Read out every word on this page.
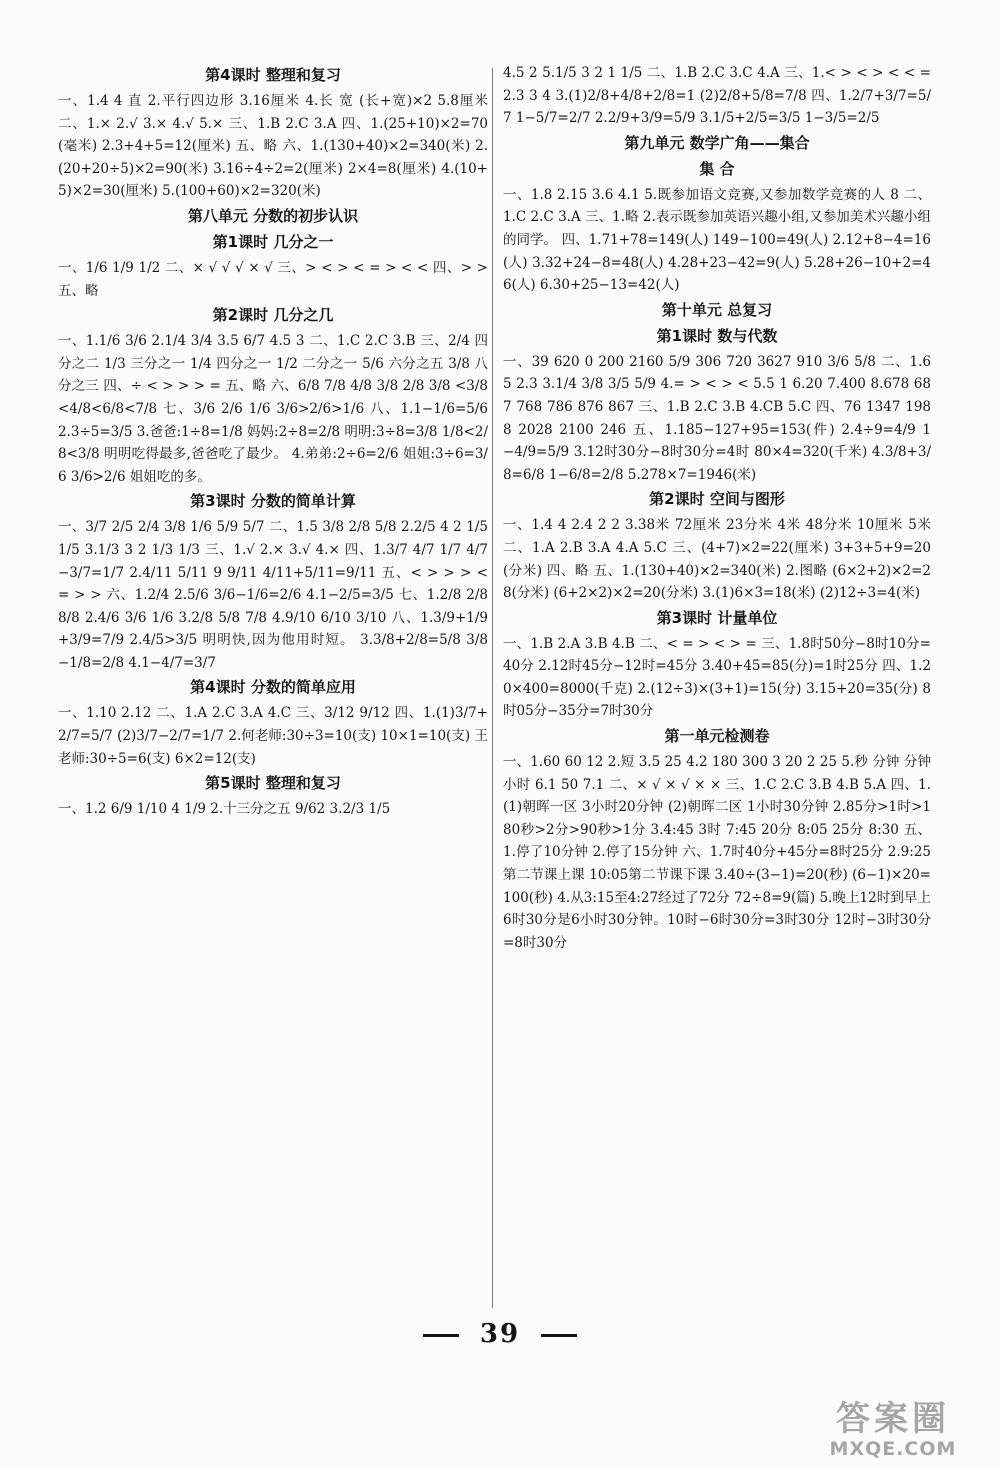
第4课时 整理和复习

一、1.4 4 直 2.平行四边形 3.16厘米 4.长 宽 (长+宽)×2 5.8厘米 二、1.× 2.√ 3.× 4.√ 5.× 三、1.B 2.C 3.A 四、1.(25+10)×2=70(毫米) 2.3+4+5=12(厘米) 五、略 六、1.(130+40)×2=340(米) 2.(20+20÷5)×2=90(米) 3.16÷4÷2=2(厘米) 2×4=8(厘米) 4.(10+5)×2=30(厘米) 5.(100+60)×2=320(米)

第八单元 分数的初步认识
第1课时 几分之一

一、1/6 1/9 1/2 二、× √ √ √ × √ 三、> < > < = > < < 四、> > 五、略

第2课时 几分之几

一、1.1/6 3/6 2.1/4 3/4 3.5 6/7 4.5 3 二、1.C 2.C 3.B 三、2/4 四分之二 1/3 三分之一 1/4 四分之一 1/2 二分之一 5/6 六分之五 3/8 八分之三 四、÷ < > > > = 五、略 六、6/8 7/8 4/8 3/8 2/8 3/8 <3/8<4/8<6/8<7/8 七、3/6 2/6 1/6 3/6>2/6>1/6 八、1.1−1/6=5/6 2.3÷5=3/5 3.爸爸:1÷8=1/8 妈妈:2÷8=2/8 明明:3÷8=3/8 1/8<2/8<3/8 明明吃得最多,爸爸吃了最少。 4.弟弟:2÷6=2/6 姐姐:3÷6=3/6 3/6>2/6 姐姐吃的多。

第3课时 分数的简单计算

一、3/7 2/5 2/4 3/8 1/6 5/9 5/7 二、1.5 3/8 2/8 5/8 2.2/5 4 2 1/5 1/5 3.1/3 3 2 1/3 1/3 三、1.√ 2.× 3.√ 4.× 四、1.3/7 4/7 1/7 4/7−3/7=1/7 2.4/11 5/11 9 9/11 4/11+5/11=9/11 五、< > > > < = > > 六、1.2/4 2.5/6 3/6−1/6=2/6 4.1−2/5=3/5 七、1.2/8 2/8 8/8 2.4/6 3/6 1/6 3.2/8 5/8 7/8 4.9/10 6/10 3/10 八、1.3/9+1/9+3/9=7/9 2.4/5>3/5 明明快,因为他用时短。 3.3/8+2/8=5/8 3/8−1/8=2/8 4.1−4/7=3/7

第4课时 分数的简单应用

一、1.10 2.12 二、1.A 2.C 3.A 4.C 三、3/12 9/12 四、1.(1)3/7+2/7=5/7 (2)3/7−2/7=1/7 2.何老师:30÷3=10(支) 10×1=10(支) 王老师:30÷5=6(支) 6×2=12(支)

第5课时 整理和复习

一、1.2 6/9 1/10 4 1/9 2.十三分之五 9/62 3.2/3 1/5

4.5 2 5.1/5 3 2 1 1/5 二、1.B 2.C 3.C 4.A 三、1.< > < > < < = 2.3 3 4 3.(1)2/8+4/8+2/8=1 (2)2/8+5/8=7/8 四、1.2/7+3/7=5/7 1−5/7=2/7 2.2/9+3/9=5/9 3.1/5+2/5=3/5 1−3/5=2/5

第九单元 数学广角——集合
集 合

一、1.8 2.15 3.6 4.1 5.既参加语文竞赛,又参加数学竞赛的人 8 二、1.C 2.C 3.A 三、1.略 2.表示既参加英语兴趣小组,又参加美术兴趣小组的同学。 四、1.71+78=149(人) 149−100=49(人) 2.12+8−4=16(人) 3.32+24−8=48(人) 4.28+23−42=9(人) 5.28+26−10+2=46(人) 6.30+25−13=42(人)

第十单元 总复习
第1课时 数与代数

一、39 620 0 200 2160 5/9 306 720 3627 910 3/6 5/8 二、1.6 5 2.3 3.1/4 3/8 3/5 5/9 4.= > < > < 5.5 1 6.20 7.400 8.678 687 768 786 876 867 三、1.B 2.C 3.B 4.CB 5.C 四、76 1347 1988 2028 2100 246 五、1.185−127+95=153(件) 2.4÷9=4/9 1−4/9=5/9 3.12时30分−8时30分=4时 80×4=320(千米) 4.3/8+3/8=6/8 1−6/8=2/8 5.278×7=1946(米)

第2课时 空间与图形

一、1.4 4 2.4 2 2 3.38米 72厘米 23分米 4米 48分米 10厘米 5米 二、1.A 2.B 3.A 4.A 5.C 三、(4+7)×2=22(厘米) 3+3+5+9=20(分米) 四、略 五、1.(130+40)×2=340(米) 2.图略 (6×2+2)×2=28(分米) (6+2×2)×2=20(分米) 3.(1)6×3=18(米) (2)12÷3=4(米)

第3课时 计量单位

一、1.B 2.A 3.B 4.B 二、< = > < > = 三、1.8时50分−8时10分=40分 2.12时45分−12时=45分 3.40+45=85(分)=1时25分 四、1.20×400=8000(千克) 2.(12÷3)×(3+1)=15(分) 3.15+20=35(分) 8时05分−35分=7时30分

第一单元检测卷

一、1.60 60 12 2.短 3.5 25 4.2 180 300 3 20 2 25 5.秒 分钟 分钟 小时 6.1 50 7.1 二、× √ × √ × × 三、1.C 2.C 3.B 4.B 5.A 四、1.(1)朝晖一区 3小时20分钟 (2)朝晖二区 1小时30分钟 2.85分>1时>180秒>2分>90秒>1分 3.4:45 3时 7:45 20分 8:05 25分 8:30 五、1.停了10分钟 2.停了15分钟 六、1.7时40分+45分=8时25分 2.9:25第二节课上课 10:05第二节课下课 3.40÷(3−1)=20(秒) (6−1)×20=100(秒) 4.从3:15至4:27经过了72分 72÷8=9(篇) 5.晚上12时到早上6时30分是6小时30分钟。10时−6时30分=3时30分 12时−3时30分=8时30分

39
答案圈
MXQE.COM
